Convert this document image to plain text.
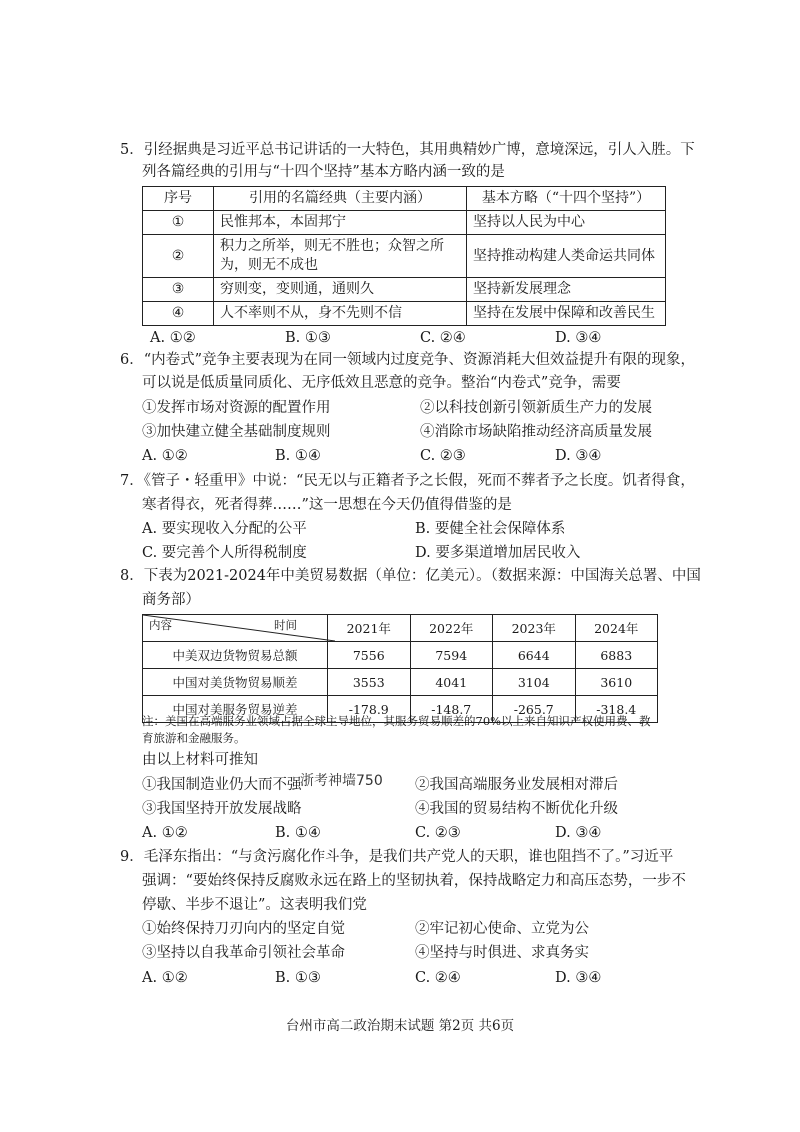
5．引经据典是习近平总书记讲话的一大特色，其用典精妙广博，意境深远，引人入胜。下
列各篇经典的引用与“十四个坚持”基本方略内涵一致的是
序号	引用的名篇经典（主要内涵）	基本方略（“十四个坚持”）
①	民惟邦本，本固邦宁	坚持以人民为中心
②	积力之所举，则无不胜也；众智之所为，则无不成也	坚持推动构建人类命运共同体
③	穷则变，变则通，通则久	坚持新发展理念
④	人不率则不从，身不先则不信	坚持在发展中保障和改善民生
A. ①②	B. ①③	C. ②④	D. ③④
6．“内卷式”竞争主要表现为在同一领域内过度竞争、资源消耗大但效益提升有限的现象，
可以说是低质量同质化、无序低效且恶意的竞争。整治“内卷式”竞争，需要
①发挥市场对资源的配置作用	②以科技创新引领新质生产力的发展
③加快建立健全基础制度规则	④消除市场缺陷推动经济高质量发展
A. ①②	B. ①④	C. ②③	D. ③④
7．《管子・轻重甲》中说：“民无以与正籍者予之长假，死而不葬者予之长度。饥者得食，
寒者得衣，死者得葬……”这一思想在今天仍值得借鉴的是
A. 要实现收入分配的公平	B. 要健全社会保障体系
C. 要完善个人所得税制度	D. 要多渠道增加居民收入
8．下表为2021-2024年中美贸易数据（单位：亿美元）。（数据来源：中国海关总署、中国
商务部）
内容 时间	2021年	2022年	2023年	2024年
中美双边货物贸易总额	7556	7594	6644	6883
中国对美货物贸易顺差	3553	4041	3104	3610
中国对美服务贸易逆差	-178.9	-148.7	-265.7	-318.4
注：美国在高端服务业领域占据全球主导地位，其服务贸易顺差的70%以上来自知识产权使用费、教育旅游和金融服务。
由以上材料可推知
①我国制造业仍大而不强
浙考神墙750 ②我国高端服务业发展相对滞后
③我国坚持开放发展战略	④我国的贸易结构不断优化升级
A. ①②	B. ①④	C. ②③	D. ③④
9．毛泽东指出：“与贪污腐化作斗争，是我们共产党人的天职，谁也阻挡不了。”习近平
强调：“要始终保持反腐败永远在路上的坚韧执着，保持战略定力和高压态势，一步不
停歇、半步不退让”。这表明我们党
①始终保持刀刃向内的坚定自觉	②牢记初心使命、立党为公
③坚持以自我革命引领社会革命	④坚持与时俱进、求真务实
A. ①②	B. ①③	C. ②④	D. ③④
台州市高二政治期末试题 第2页 共6页
